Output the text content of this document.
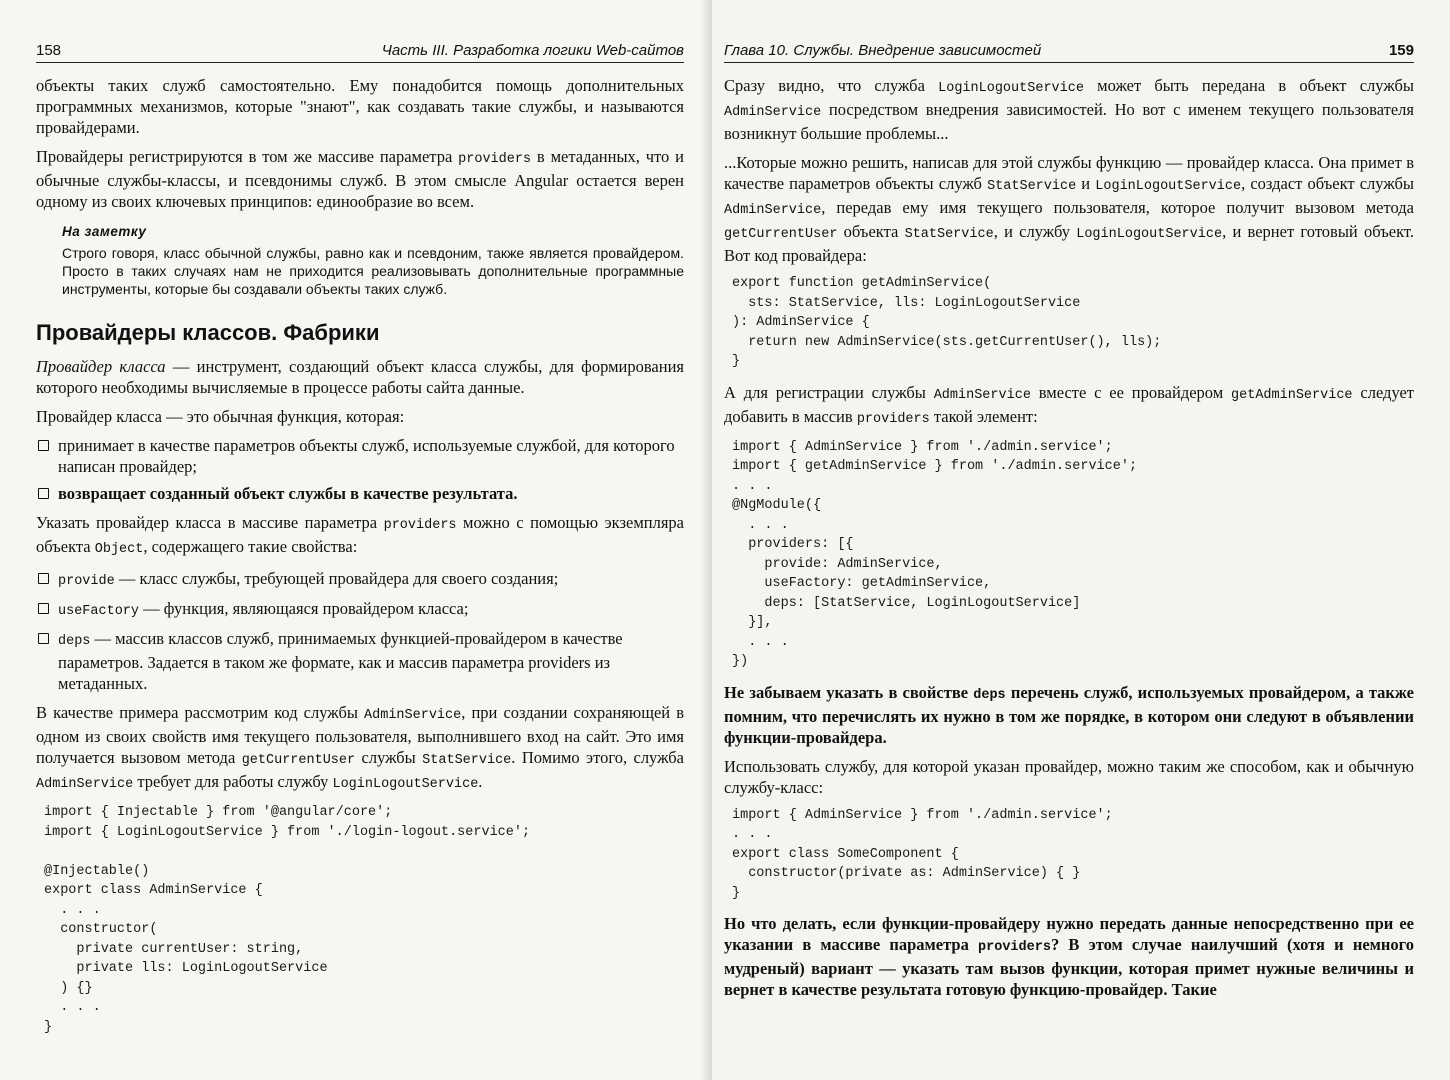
158	Часть III. Разработка логики Web-сайтов

объекты таких служб самостоятельно. Ему понадобится помощь дополнительных программных механизмов, которые "знают", как создавать такие службы, и называются провайдерами.

Провайдеры регистрируются в том же массиве параметра providers в метаданных, что и обычные службы-классы, и псевдонимы служб. В этом смысле Angular остается верен одному из своих ключевых принципов: единообразие во всем.

На заметку

Строго говоря, класс обычной службы, равно как и псевдоним, также является провайдером. Просто в таких случаях нам не приходится реализовывать дополнительные программные инструменты, которые бы создавали объекты таких служб.

Провайдеры классов. Фабрики

Провайдер класса — инструмент, создающий объект класса службы, для формирования которого необходимы вычисляемые в процессе работы сайта данные.

Провайдер класса — это обычная функция, которая:

принимает в качестве параметров объекты служб, используемые службой, для которого написан провайдер;
возвращает созданный объект службы в качестве результата.

Указать провайдер класса в массиве параметра providers можно с помощью экземпляра объекта Object, содержащего такие свойства:

provide — класс службы, требующей провайдера для своего создания;
useFactory — функция, являющаяся провайдером класса;
deps — массив классов служб, принимаемых функцией-провайдером в качестве параметров. Задается в таком же формате, как и массив параметра providers из метаданных.

В качестве примера рассмотрим код службы AdminService, при создании сохраняющей в одном из своих свойств имя текущего пользователя, выполнившего вход на сайт. Это имя получается вызовом метода getCurrentUser службы StatService. Помимо этого, служба AdminService требует для работы службу LoginLogoutService.

import { Injectable } from '@angular/core';
import { LoginLogoutService } from './login-logout.service';

@Injectable()
export class AdminService {
. . .
constructor(
private currentUser: string,
private lls: LoginLogoutService
) {}
. . .
}
Глава 10. Службы. Внедрение зависимостей	159

Сразу видно, что служба LoginLogoutService может быть передана в объект службы AdminService посредством внедрения зависимостей. Но вот с именем текущего пользователя возникнут большие проблемы...

...Которые можно решить, написав для этой службы функцию — провайдер класса. Она примет в качестве параметров объекты служб StatService и LoginLogoutService, создаст объект службы AdminService, передав ему имя текущего пользователя, которое получит вызовом метода getCurrentUser объекта StatService, и службу LoginLogoutService, и вернет готовый объект. Вот код провайдера:

export function getAdminService(
sts: StatService, lls: LoginLogoutService
): AdminService {
return new AdminService(sts.getCurrentUser(), lls);
}

А для регистрации службы AdminService вместе с ее провайдером getAdminService следует добавить в массив providers такой элемент:

import { AdminService } from './admin.service';
import { getAdminService } from './admin.service';
. . .
@NgModule({
. . .
providers: [{
provide: AdminService,
useFactory: getAdminService,
deps: [StatService, LoginLogoutService]
}],
. . .
})

Не забываем указать в свойстве deps перечень служб, используемых провайдером, а также помним, что перечислять их нужно в том же порядке, в котором они следуют в объявлении функции-провайдера.

Использовать службу, для которой указан провайдер, можно таким же способом, как и обычную службу-класс:

import { AdminService } from './admin.service';
. . .
export class SomeComponent {
constructor(private as: AdminService) { }
}

Но что делать, если функции-провайдеру нужно передать данные непосредственно при ее указании в массиве параметра providers? В этом случае наилучший (хотя и немного мудреный) вариант — указать там вызов функции, которая примет нужные величины и вернет в качестве результата готовую функцию-провайдер. Такие
